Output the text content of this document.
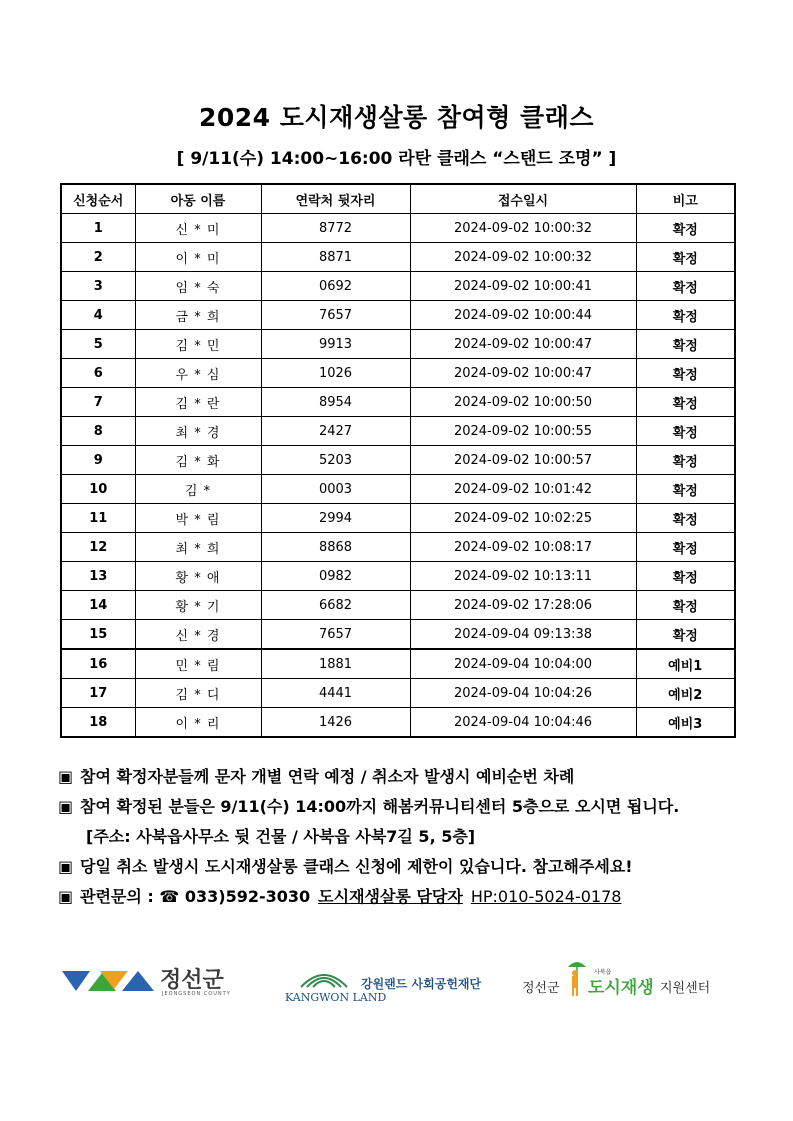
2024 도시재생살롱 참여형 클래스
[ 9/11(수) 14:00~16:00 라탄 클래스 “스탠드 조명” ]
신청순서	아동 이름	연락처 뒷자리	접수일시	비고
1	신 * 미	8772	2024-09-02 10:00:32	확정
2	이 * 미	8871	2024-09-02 10:00:32	확정
3	임 * 숙	0692	2024-09-02 10:00:41	확정
4	금 * 희	7657	2024-09-02 10:00:44	확정
5	김 * 민	9913	2024-09-02 10:00:47	확정
6	우 * 심	1026	2024-09-02 10:00:47	확정
7	김 * 란	8954	2024-09-02 10:00:50	확정
8	최 * 경	2427	2024-09-02 10:00:55	확정
9	김 * 화	5203	2024-09-02 10:00:57	확정
10	김 *	0003	2024-09-02 10:01:42	확정
11	박 * 림	2994	2024-09-02 10:02:25	확정
12	최 * 희	8868	2024-09-02 10:08:17	확정
13	황 * 애	0982	2024-09-02 10:13:11	확정
14	황 * 기	6682	2024-09-02 17:28:06	확정
15	신 * 경	7657	2024-09-04 09:13:38	확정
16	민 * 림	1881	2024-09-04 10:04:00	예비1
17	김 * 디	4441	2024-09-04 10:04:26	예비2
18	이 * 리	1426	2024-09-04 10:04:46	예비3
▣ 참여 확정자분들께 문자 개별 연락 예정 / 취소자 발생시 예비순번 차례
▣ 참여 확정된 분들은 9/11(수) 14:00까지 해봄커뮤니티센터 5층으로 오시면 됩니다.
[주소: 사북읍사무소 뒷 건물 / 사북읍 사북7길 5, 5층]
▣ 당일 취소 발생시 도시재생살롱 클래스 신청에 제한이 있습니다. 참고해주세요!
▣ 관련문의 : ☎ 033)592-3030 도시재생살롱 담당자 HP:010-5024-0178
정선군
JEONGSEON COUNTY	KANGWON LAND
강원랜드 사회공헌재단	정선군
사북읍
도시재생 지원센터
